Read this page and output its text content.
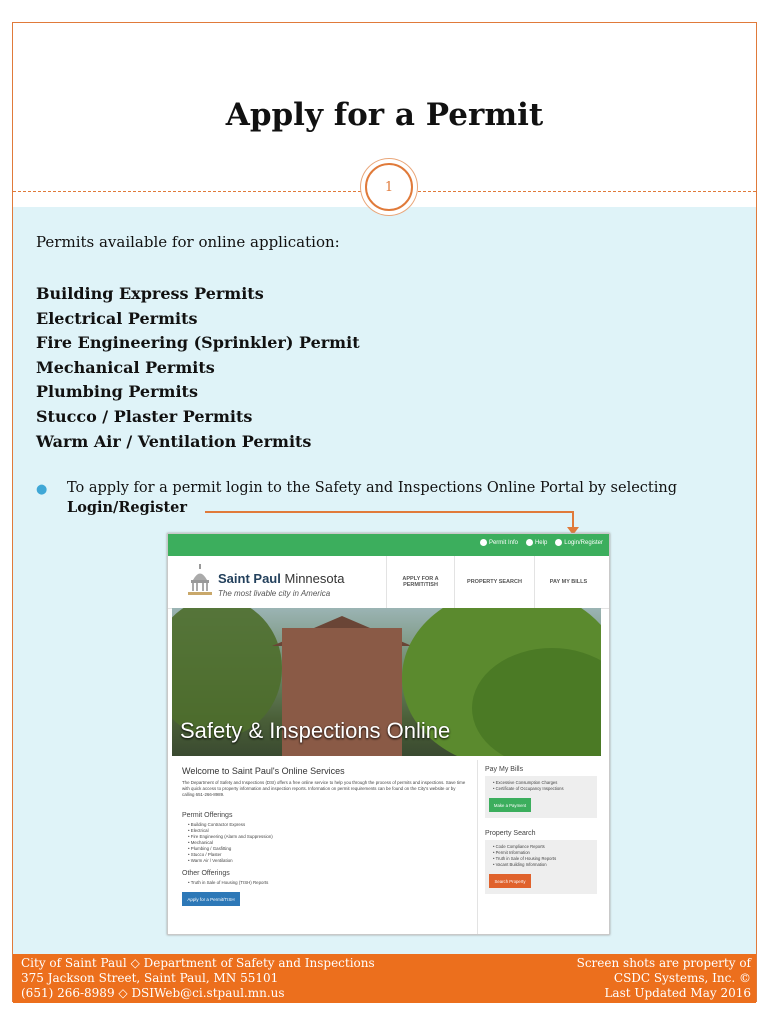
Apply for a Permit
1
Permits available for online application:
Building Express Permits
Electrical Permits
Fire Engineering (Sprinkler) Permit
Mechanical Permits
Plumbing Permits
Stucco / Plaster Permits
Warm Air / Ventilation Permits
● To apply for a permit login to the Safety and Inspections Online Portal by selecting
Login/Register
Permit Info	Help	Login/Register
Saint Paul Minnesota
The most livable city in America
APPLY FOR A PERMIT/TISH	PROPERTY SEARCH	PAY MY BILLS
Safety & Inspections Online
Welcome to Saint Paul's Online Services
The Department of Safety and Inspections (DSI) offers a free online service to help you through the process of permits and inspections. Save time with quick access to property information and inspection reports. Information on permit requirements can be found on the City's website or by calling 651-266-8989.
Permit Offerings
• Building Contractor Express
• Electrical
• Fire Engineering (Alarm and Suppression)
• Mechanical
• Plumbing / Gasfitting
• Stucco / Plaster
• Warm Air / Ventilation
Other Offerings
• Truth in Sale of Housing (TISH) Reports
Apply for a Permit/TISH
Pay My Bills
• Excessive Consumption Charges
• Certificate of Occupancy Inspections
Make a Payment
Property Search
• Code Compliance Reports
• Permit Information
• Truth in Sale of Housing Reports
• Vacant Building Information
Search Property
City of Saint Paul ◇ Department of Safety and Inspections
375 Jackson Street, Saint Paul, MN 55101
(651) 266-8989 ◇ DSIWeb@ci.stpaul.mn.us
Screen shots are property of
CSDC Systems, Inc. ©
Last Updated May 2016
